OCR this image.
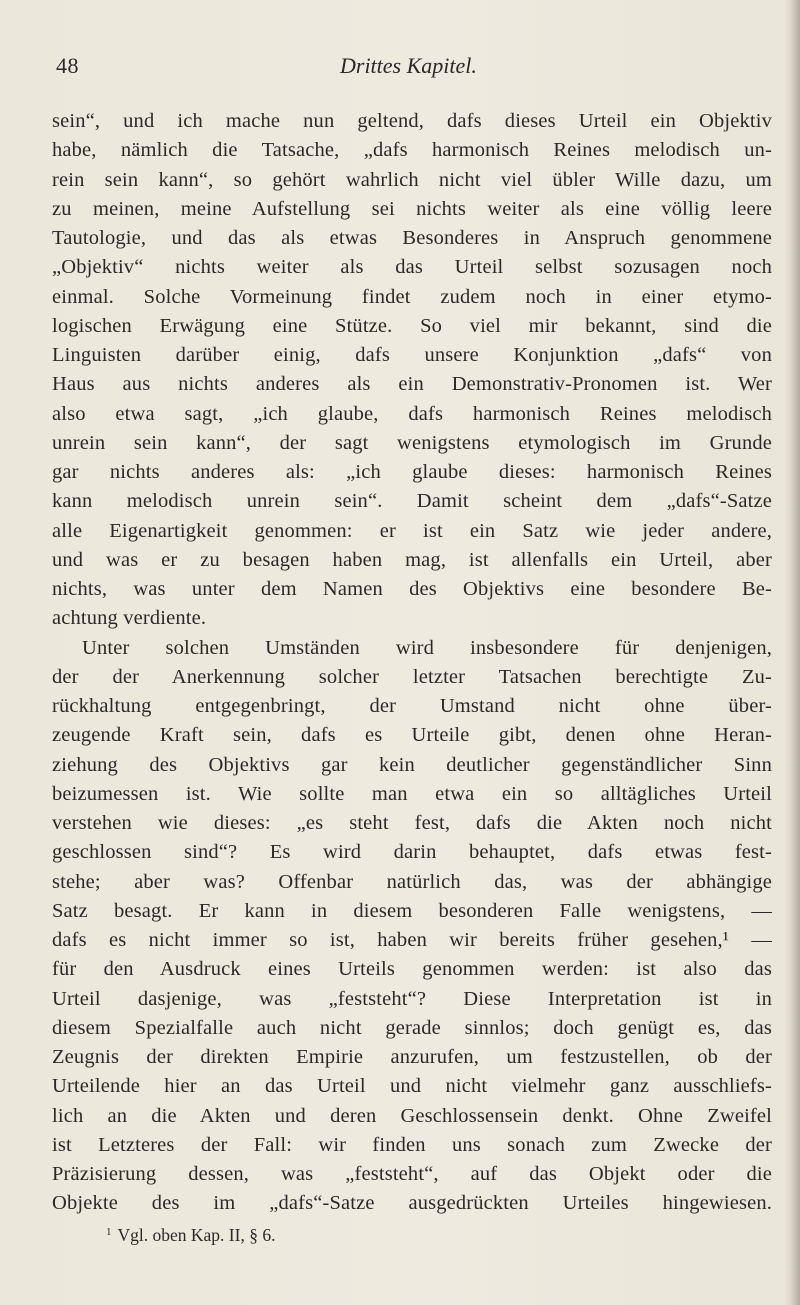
48	Drittes Kapitel.
sein“, und ich mache nun geltend, dafs dieses Urteil ein Objektiv
habe, nämlich die Tatsache, „dafs harmonisch Reines melodisch un-
rein sein kann“, so gehört wahrlich nicht viel übler Wille dazu, um
zu meinen, meine Aufstellung sei nichts weiter als eine völlig leere
Tautologie, und das als etwas Besonderes in Anspruch genommene
„Objektiv“ nichts weiter als das Urteil selbst sozusagen noch
einmal. Solche Vormeinung findet zudem noch in einer etymo-
logischen Erwägung eine Stütze. So viel mir bekannt, sind die
Linguisten darüber einig, dafs unsere Konjunktion „dafs“ von
Haus aus nichts anderes als ein Demonstrativ-Pronomen ist. Wer
also etwa sagt, „ich glaube, dafs harmonisch Reines melodisch
unrein sein kann“, der sagt wenigstens etymologisch im Grunde
gar nichts anderes als: „ich glaube dieses: harmonisch Reines
kann melodisch unrein sein“. Damit scheint dem „dafs“-Satze
alle Eigenartigkeit genommen: er ist ein Satz wie jeder andere,
und was er zu besagen haben mag, ist allenfalls ein Urteil, aber
nichts, was unter dem Namen des Objektivs eine besondere Be-
achtung verdiente.
Unter solchen Umständen wird insbesondere für denjenigen,
der der Anerkennung solcher letzter Tatsachen berechtigte Zu-
rückhaltung entgegenbringt, der Umstand nicht ohne über-
zeugende Kraft sein, dafs es Urteile gibt, denen ohne Heran-
ziehung des Objektivs gar kein deutlicher gegenständlicher Sinn
beizumessen ist. Wie sollte man etwa ein so alltägliches Urteil
verstehen wie dieses: „es steht fest, dafs die Akten noch nicht
geschlossen sind“? Es wird darin behauptet, dafs etwas fest-
stehe; aber was? Offenbar natürlich das, was der abhängige
Satz besagt. Er kann in diesem besonderen Falle wenigstens, —
dafs es nicht immer so ist, haben wir bereits früher gesehen,¹ —
für den Ausdruck eines Urteils genommen werden: ist also das
Urteil dasjenige, was „feststeht“? Diese Interpretation ist in
diesem Spezialfalle auch nicht gerade sinnlos; doch genügt es, das
Zeugnis der direkten Empirie anzurufen, um festzustellen, ob der
Urteilende hier an das Urteil und nicht vielmehr ganz ausschliefs-
lich an die Akten und deren Geschlossensein denkt. Ohne Zweifel
ist Letzteres der Fall: wir finden uns sonach zum Zwecke der
Präzisierung dessen, was „feststeht“, auf das Objekt oder die
Objekte des im „dafs“-Satze ausgedrückten Urteiles hingewiesen.
$^1$ Vgl. oben Kap. II, § 6.
